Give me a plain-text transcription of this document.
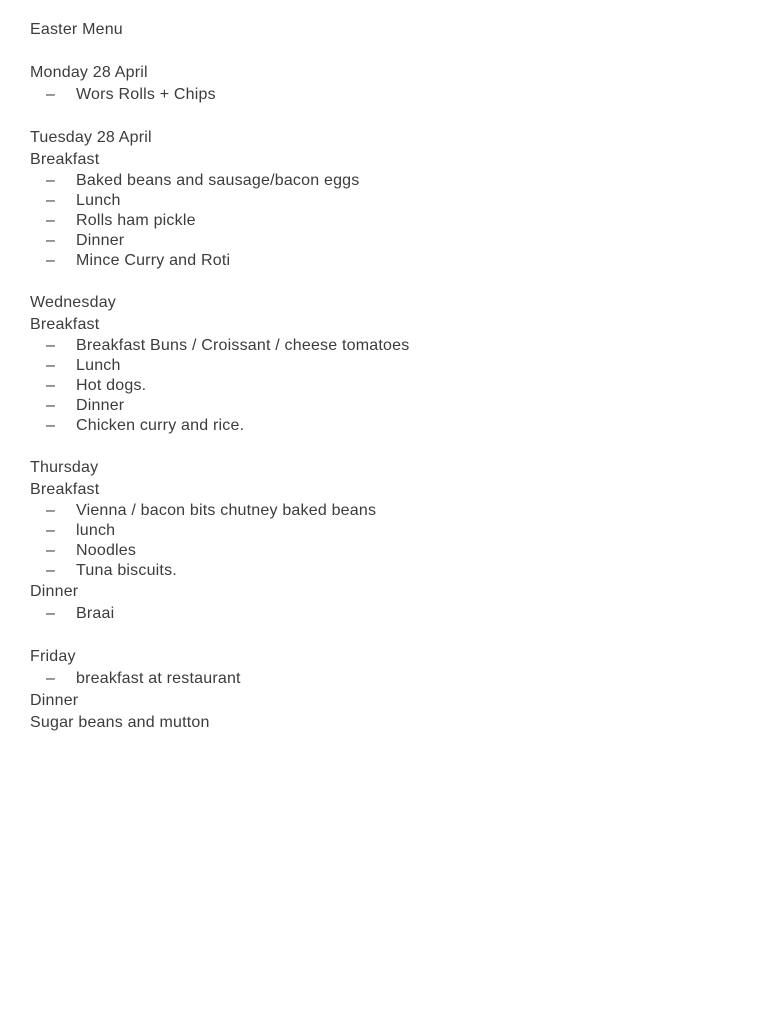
Easter Menu
Monday 28 April
– Wors Rolls + Chips
Tuesday 28 April
Breakfast
– Baked beans and sausage/bacon eggs
– Lunch
– Rolls ham pickle
– Dinner
– Mince Curry and Roti
Wednesday
Breakfast
– Breakfast Buns / Croissant / cheese tomatoes
– Lunch
– Hot dogs.
– Dinner
– Chicken curry and rice.
Thursday
Breakfast
– Vienna / bacon bits chutney baked beans
– lunch
– Noodles
– Tuna biscuits.
Dinner
– Braai
Friday
– breakfast at restaurant
Dinner
Sugar beans and mutton
